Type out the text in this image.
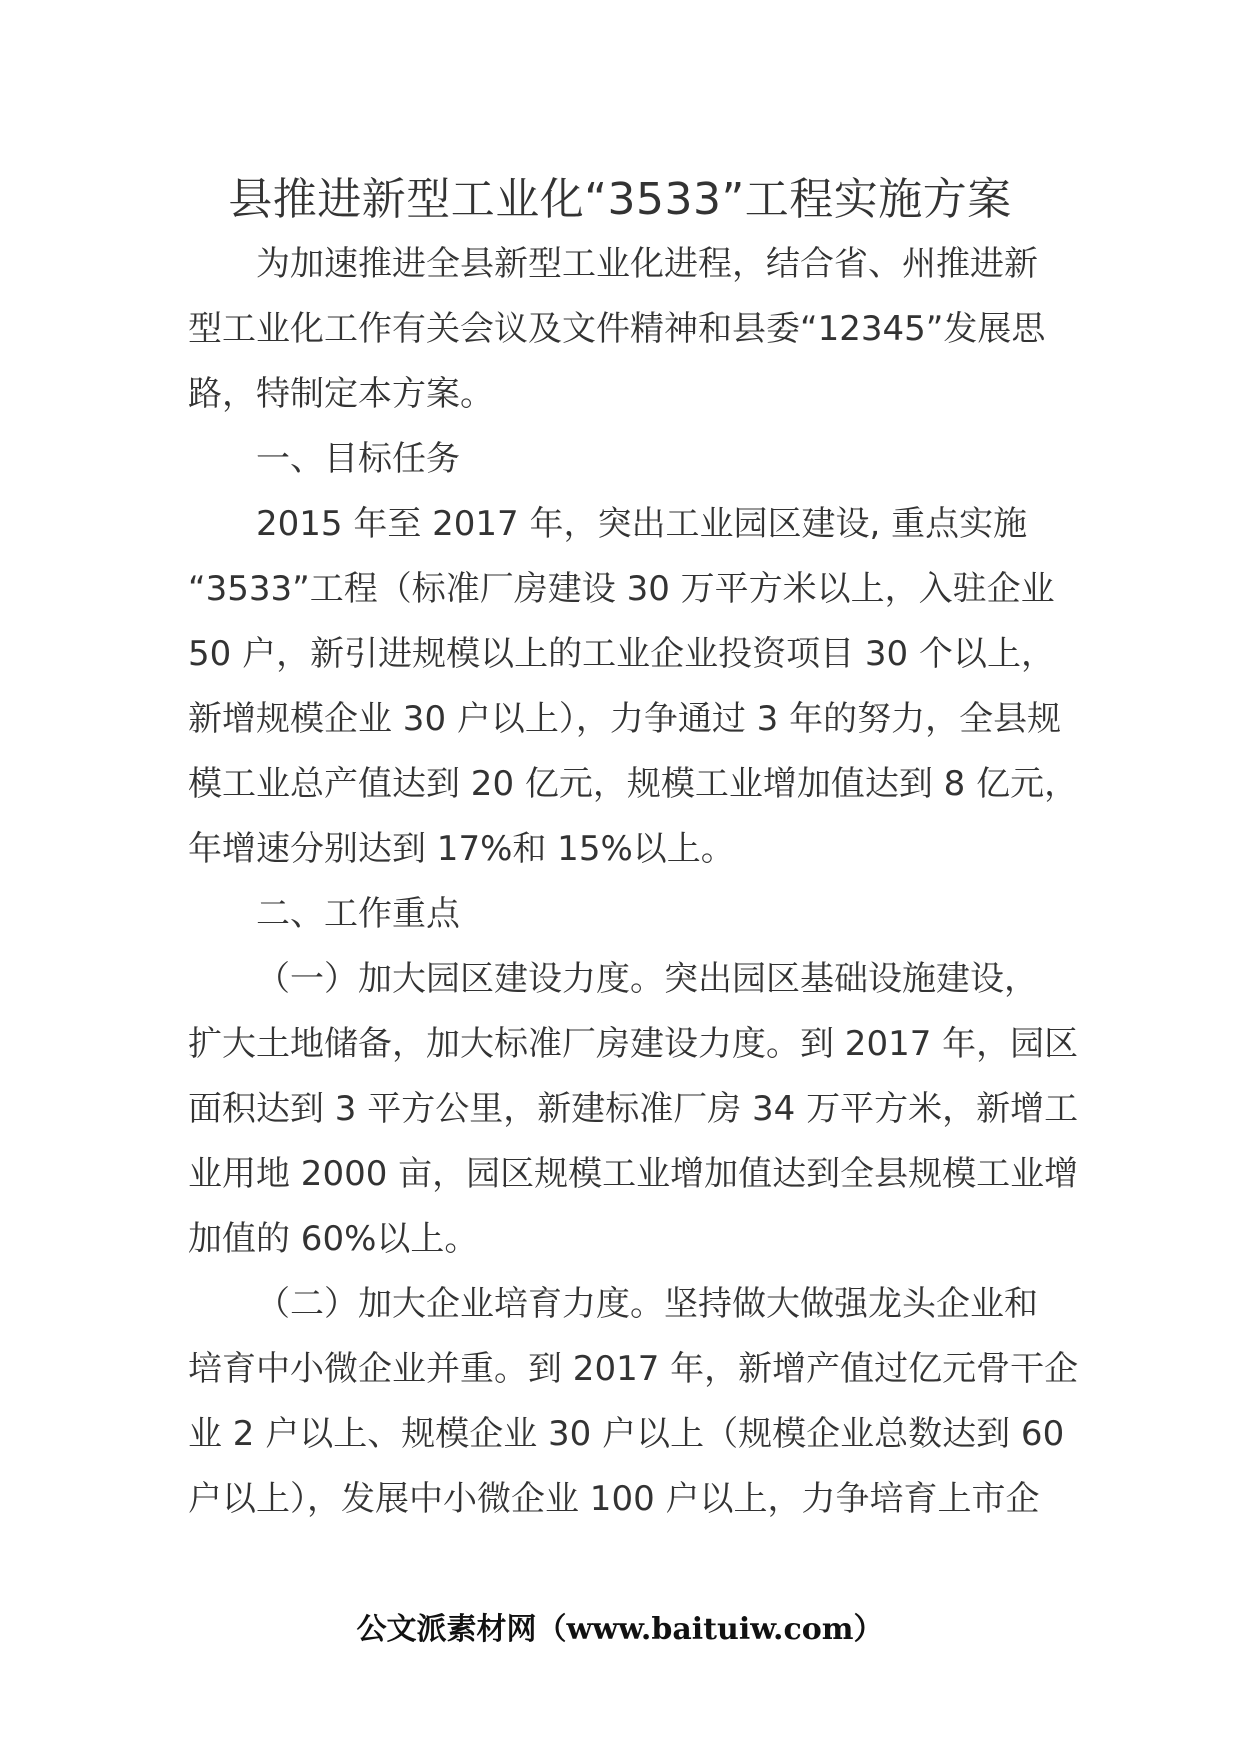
县推进新型工业化“3533”工程实施方案
为加速推进全县新型工业化进程，结合省、州推进新
型工业化工作有关会议及文件精神和县委“12345”发展思
路，特制定本方案。
一、目标任务
2015 年至 2017 年，突出工业园区建设, 重点实施
“3533”工程（标准厂房建设 30 万平方米以上，入驻企业
50 户，新引进规模以上的工业企业投资项目 30 个以上，
新增规模企业 30 户以上），力争通过 3 年的努力，全县规
模工业总产值达到 20 亿元，规模工业增加值达到 8 亿元，
年增速分别达到 17%和 15%以上。
二、工作重点
（一）加大园区建设力度。突出园区基础设施建设，
扩大土地储备，加大标准厂房建设力度。到 2017 年，园区
面积达到 3 平方公里，新建标准厂房 34 万平方米，新增工
业用地 2000 亩，园区规模工业增加值达到全县规模工业增
加值的 60%以上。
（二）加大企业培育力度。坚持做大做强龙头企业和
培育中小微企业并重。到 2017 年，新增产值过亿元骨干企
业 2 户以上、规模企业 30 户以上（规模企业总数达到 60
户以上），发展中小微企业 100 户以上，力争培育上市企
公文派素材网（www.baituiw.com）
